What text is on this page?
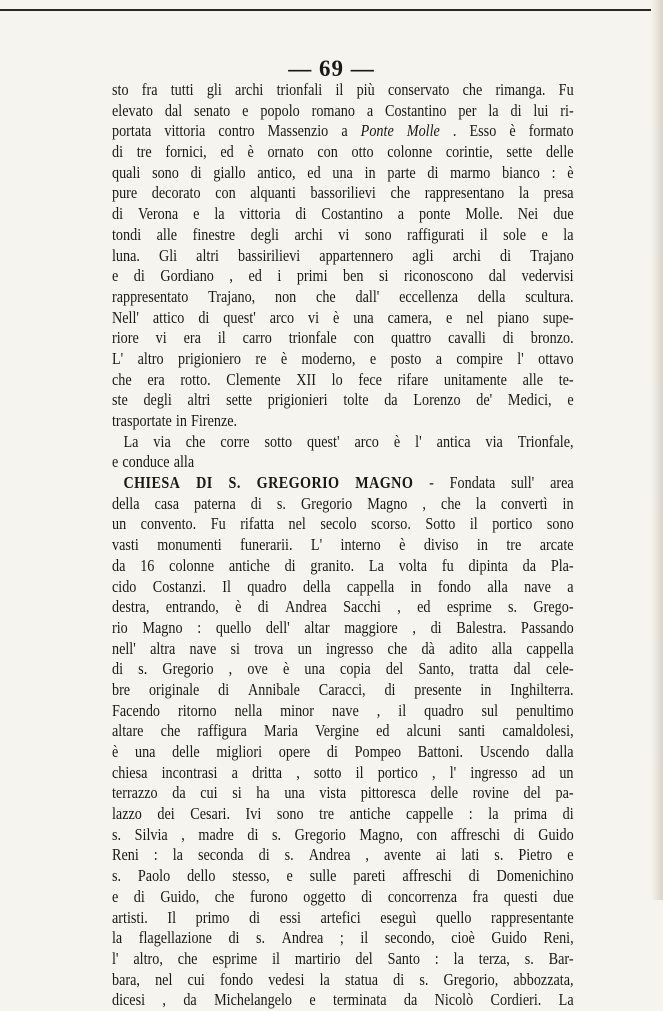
— 69 —
sto fra tutti gli archi trionfali il più conservato che rimanga. Fu
elevato dal senato e popolo romano a Costantino per la di lui ri-
portata vittoria contro Massenzio a Ponte Molle . Esso è formato
di tre fornici, ed è ornato con otto colonne corintie, sette delle
quali sono di giallo antico, ed una in parte di marmo bianco : è
pure decorato con alquanti bassorilievi che rappresentano la presa
di Verona e la vittoria di Costantino a ponte Molle. Nei due
tondi alle finestre degli archi vi sono raffigurati il sole e la
luna. Gli altri bassirilievi appartennero agli archi di Trajano
e di Gordiano , ed i primi ben si riconoscono dal vedervisi
rappresentato Trajano, non che dall' eccellenza della scultura.
Nell' attico di quest' arco vi è una camera, e nel piano supe-
riore vi era il carro trionfale con quattro cavalli di bronzo.
L' altro prigioniero re è moderno, e posto a compire l' ottavo
che era rotto. Clemente XII lo fece rifare unitamente alle te-
ste degli altri sette prigionieri tolte da Lorenzo de' Medici, e
trasportate in Firenze.
La via che corre sotto quest' arco è l' antica via Trionfale,
e conduce alla
CHIESA DI S. GREGORIO MAGNO - Fondata sull' area
della casa paterna di s. Gregorio Magno , che la convertì in
un convento. Fu rifatta nel secolo scorso. Sotto il portico sono
vasti monumenti funerarii. L' interno è diviso in tre arcate
da 16 colonne antiche di granito. La volta fu dipinta da Pla-
cido Costanzi. Il quadro della cappella in fondo alla nave a
destra, entrando, è di Andrea Sacchi , ed esprime s. Grego-
rio Magno : quello dell' altar maggiore , di Balestra. Passando
nell' altra nave si trova un ingresso che dà adito alla cappella
di s. Gregorio , ove è una copia del Santo, tratta dal cele-
bre originale di Annibale Caracci, di presente in Inghilterra.
Facendo ritorno nella minor nave , il quadro sul penultimo
altare che raffigura Maria Vergine ed alcuni santi camaldolesi,
è una delle migliori opere di Pompeo Battoni. Uscendo dalla
chiesa incontrasi a dritta , sotto il portico , l' ingresso ad un
terrazzo da cui si ha una vista pittoresca delle rovine del pa-
lazzo dei Cesari. Ivi sono tre antiche cappelle : la prima di
s. Silvia , madre di s. Gregorio Magno, con affreschi di Guido
Reni : la seconda di s. Andrea , avente ai lati s. Pietro e
s. Paolo dello stesso, e sulle pareti affreschi di Domenichino
e di Guido, che furono oggetto di concorrenza fra questi due
artisti. Il primo di essi artefici eseguì quello rappresentante
la flagellazione di s. Andrea ; il secondo, cioè Guido Reni,
l' altro, che esprime il martirio del Santo : la terza, s. Bar-
bara, nel cui fondo vedesi la statua di s. Gregorio, abbozzata,
dicesi , da Michelangelo e terminata da Nicolò Cordieri. La
